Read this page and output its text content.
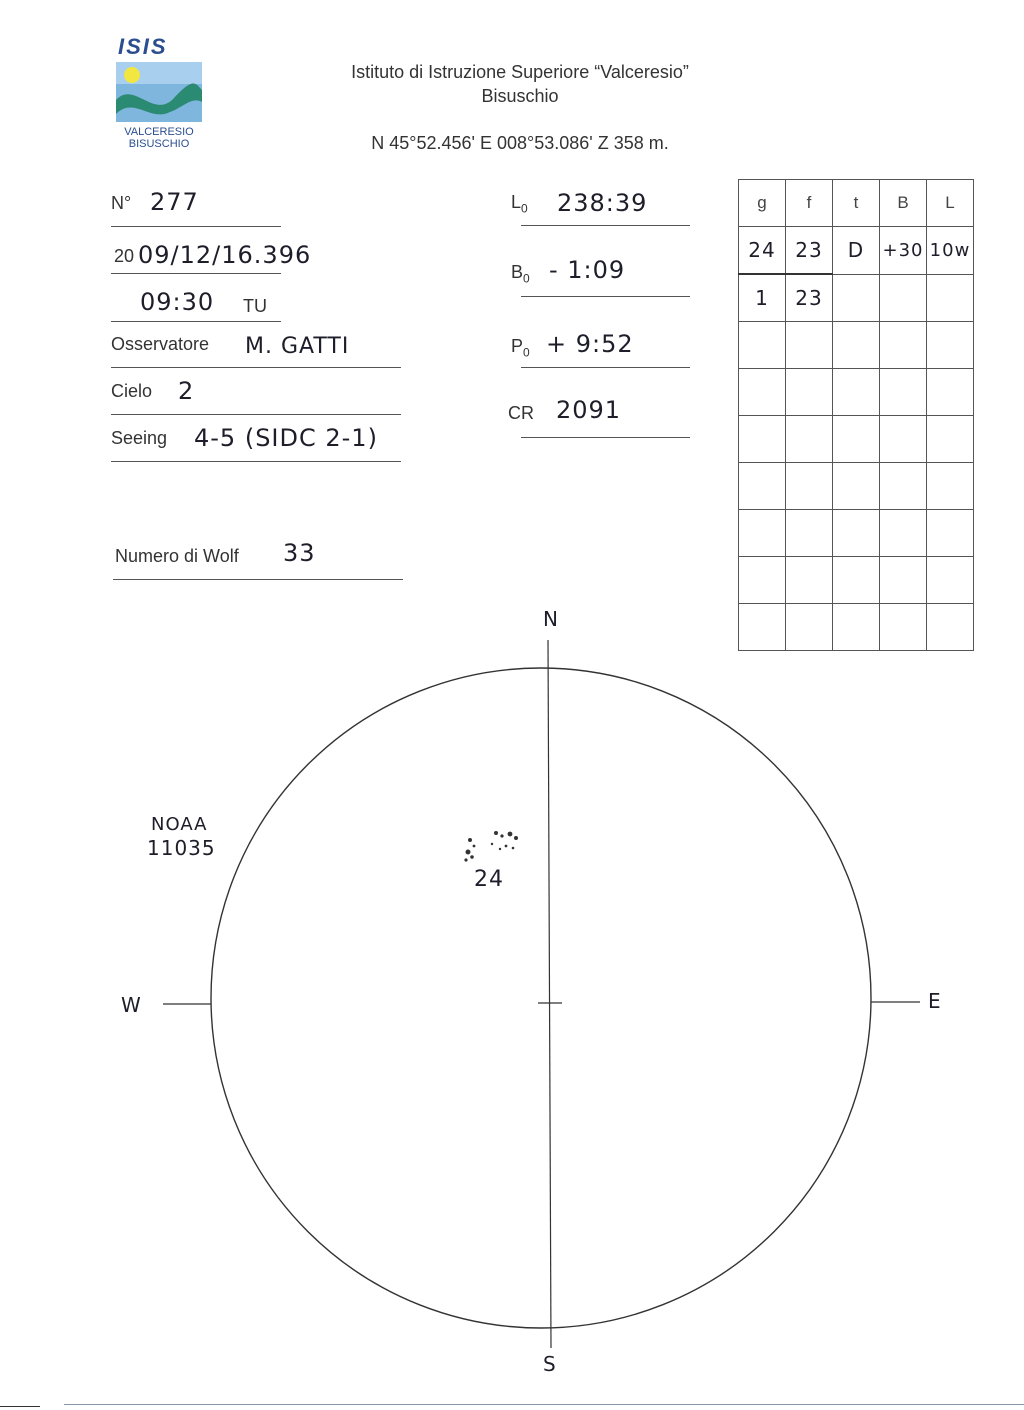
ISIS
VALCERESIO
BISUSCHIO
Istituto di Istruzione Superiore “Valceresio”
Bisuschio
N 45°52.456' E 008°53.086' Z 358 m.
N° 277
20 09/12/16.396
09:30 TU
Osservatore M. GATTI
Cielo 2
Seeing 4-5 (SIDC 2-1)
Numero di Wolf 33
$L_0$ 238:39
$B_0$ - 1:09
$P_0$ + 9:52
CR 2091
g	f	t	B	L
24	23	D	+30	10w
1	23			

N
S
W	E
24
NOAA
11035
